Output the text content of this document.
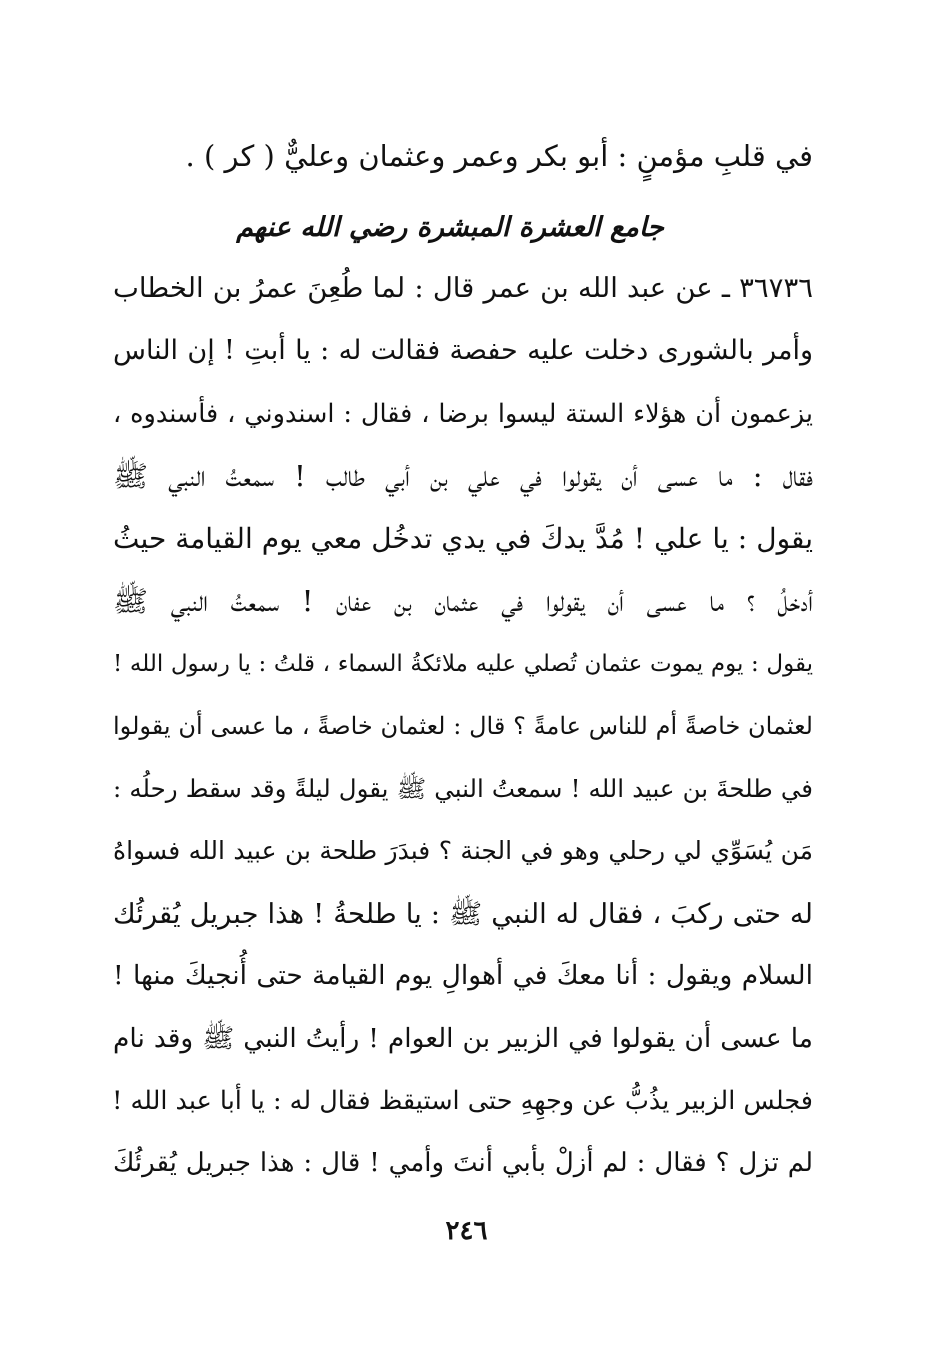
في قلبِ مؤمنٍ : أبو بكر وعمر وعثمان وعليٌّ ( كر ) .
جامع العشرة المبشرة رضي الله عنهم
٣٦٧٣٦ ـ عن عبد الله بن عمر قال : لما طُعِنَ عمرُ بن الخطاب
وأمر بالشورى دخلت عليه حفصة فقالت له : يا أبتِ ! إن الناس
يزعمون أن هؤلاء الستة ليسوا برضا ، فقال : اسندوني ، فأسندوه ،
فقال : ما عسى أن يقولوا في علي بن أبي طالب ! سمعتُ النبي ﷺ
يقول : يا علي ! مُدَّ يدكَ في يدي تدخُل معي يوم القيامة حيثُ
أدخلُ ؟ ما عسى أن يقولوا في عثمان بن عفان ! سمعتُ النبي ﷺ
يقول : يوم يموت عثمان تُصلي عليه ملائكةُ السماء ، قلتُ : يا رسول الله !
لعثمان خاصةً أم للناس عامةً ؟ قال : لعثمان خاصةً ، ما عسى أن يقولوا
في طلحةَ بن عبيد الله ! سمعتُ النبي ﷺ يقول ليلةً وقد سقط رحلُه :
مَن يُسَوِّي لي رحلي وهو في الجنة ؟ فبدَرَ طلحة بن عبيد الله فسواهُ
له حتى ركبَ ، فقال له النبي ﷺ : يا طلحةُ ! هذا جبريل يُقرئُك
السلام ويقول : أنا معكَ في أهوالِ يوم القيامة حتى أُنجيكَ منها !
ما عسى أن يقولوا في الزبير بن العوام ! رأيتُ النبي ﷺ وقد نام
فجلس الزبير يذُبُّ عن وجهِهِ حتى استيقظ فقال له : يا أبا عبد الله !
لم تزل ؟ فقال : لم أزلْ بأبي أنتَ وأمي ! قال : هذا جبريل يُقرئُكَ
٢٤٦
